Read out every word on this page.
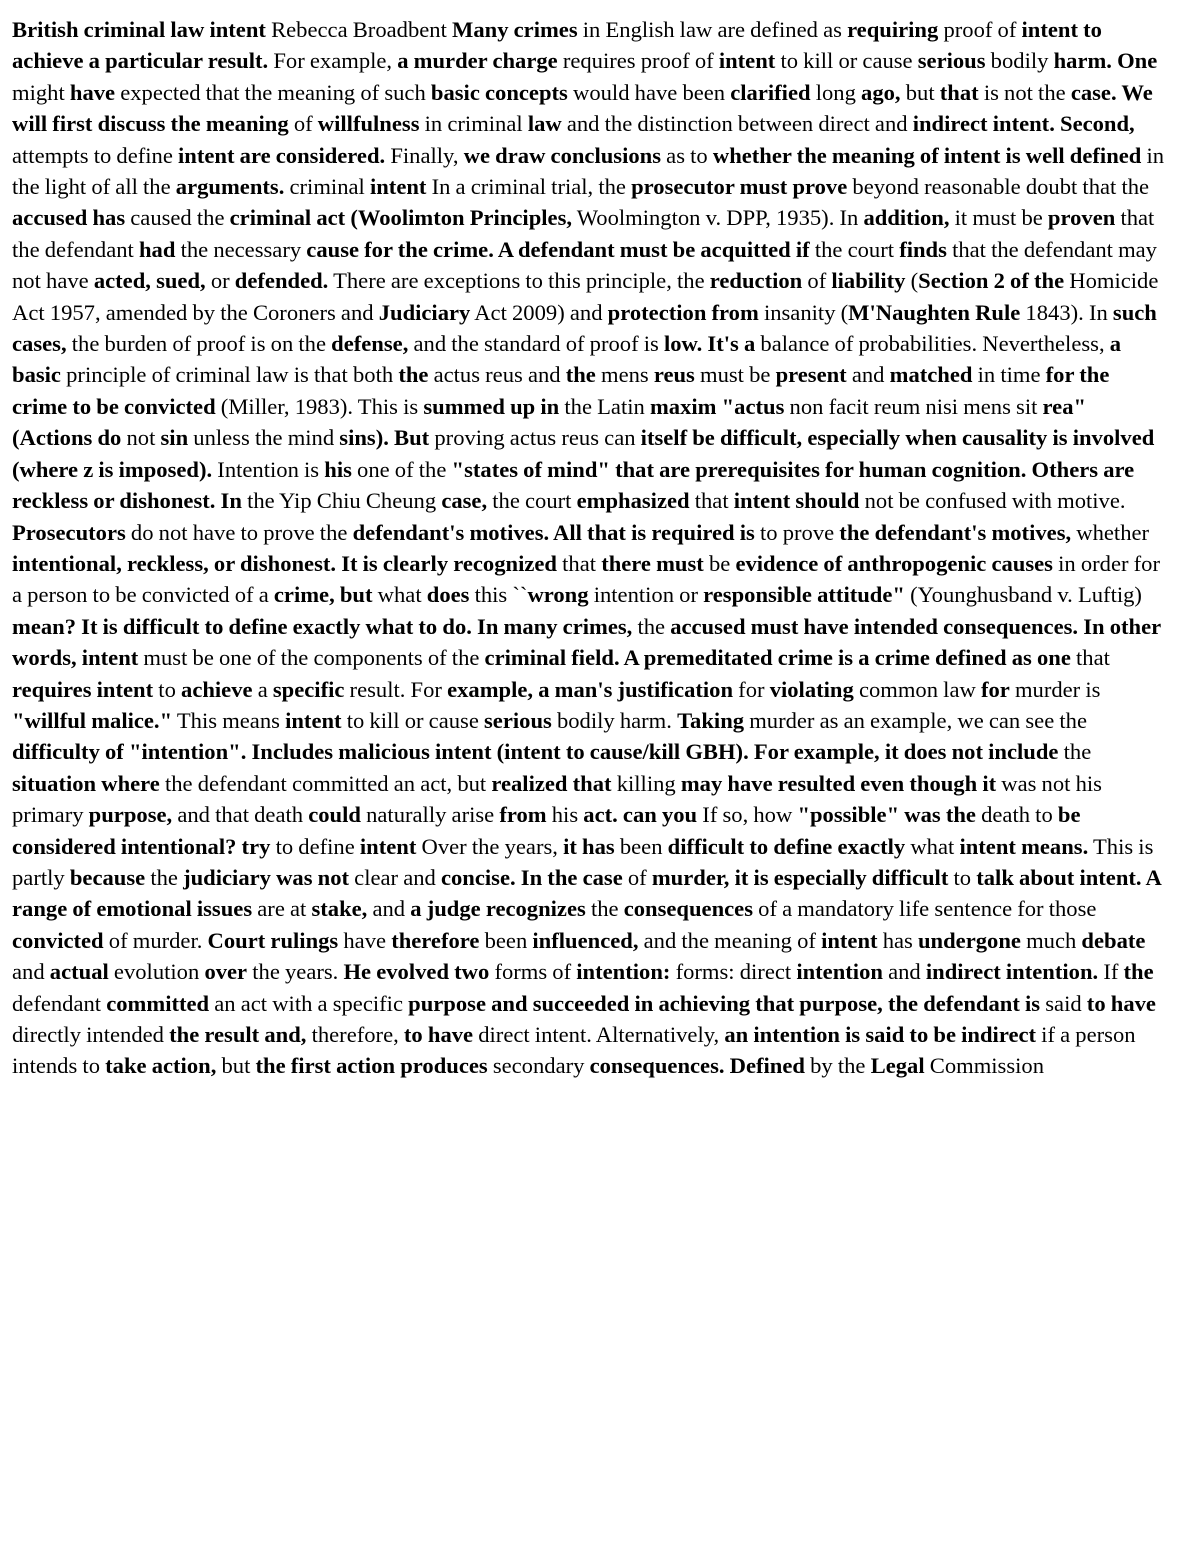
British criminal law intent Rebecca Broadbent Many crimes in English law are defined as requiring proof of intent to achieve a particular result. For example, a murder charge requires proof of intent to kill or cause serious bodily harm. One might have expected that the meaning of such basic concepts would have been clarified long ago, but that is not the case. We will first discuss the meaning of willfulness in criminal law and the distinction between direct and indirect intent. Second, attempts to define intent are considered. Finally, we draw conclusions as to whether the meaning of intent is well defined in the light of all the arguments. criminal intent In a criminal trial, the prosecutor must prove beyond reasonable doubt that the accused has caused the criminal act (Woolimton Principles, Woolmington v. DPP, 1935). In addition, it must be proven that the defendant had the necessary cause for the crime. A defendant must be acquitted if the court finds that the defendant may not have acted, sued, or defended. There are exceptions to this principle, the reduction of liability (Section 2 of the Homicide Act 1957, amended by the Coroners and Judiciary Act 2009) and protection from insanity (M'Naughten Rule 1843). In such cases, the burden of proof is on the defense, and the standard of proof is low. It's a balance of probabilities. Nevertheless, a basic principle of criminal law is that both the actus reus and the mens reus must be present and matched in time for the crime to be convicted (Miller, 1983). This is summed up in the Latin maxim "actus non facit reum nisi mens sit rea" (Actions do not sin unless the mind sins). But proving actus reus can itself be difficult, especially when causality is involved (where z is imposed). Intention is his one of the "states of mind" that are prerequisites for human cognition. Others are reckless or dishonest. In the Yip Chiu Cheung case, the court emphasized that intent should not be confused with motive. Prosecutors do not have to prove the defendant's motives. All that is required is to prove the defendant's motives, whether intentional, reckless, or dishonest. It is clearly recognized that there must be evidence of anthropogenic causes in order for a person to be convicted of a crime, but what does this ``wrong intention or responsible attitude" (Younghusband v. Luftig) mean? It is difficult to define exactly what to do. In many crimes, the accused must have intended consequences. In other words, intent must be one of the components of the criminal field. A premeditated crime is a crime defined as one that requires intent to achieve a specific result. For example, a man's justification for violating common law for murder is "willful malice." This means intent to kill or cause serious bodily harm. Taking murder as an example, we can see the difficulty of "intention". Includes malicious intent (intent to cause/kill GBH). For example, it does not include the situation where the defendant committed an act, but realized that killing may have resulted even though it was not his primary purpose, and that death could naturally arise from his act. can you If so, how "possible" was the death to be considered intentional? try to define intent Over the years, it has been difficult to define exactly what intent means. This is partly because the judiciary was not clear and concise. In the case of murder, it is especially difficult to talk about intent. A range of emotional issues are at stake, and a judge recognizes the consequences of a mandatory life sentence for those convicted of murder. Court rulings have therefore been influenced, and the meaning of intent has undergone much debate and actual evolution over the years. He evolved two forms of intention: forms: direct intention and indirect intention. If the defendant committed an act with a specific purpose and succeeded in achieving that purpose, the defendant is said to have directly intended the result and, therefore, to have direct intent. Alternatively, an intention is said to be indirect if a person intends to take action, but the first action produces secondary consequences. Defined by the Legal Commission
